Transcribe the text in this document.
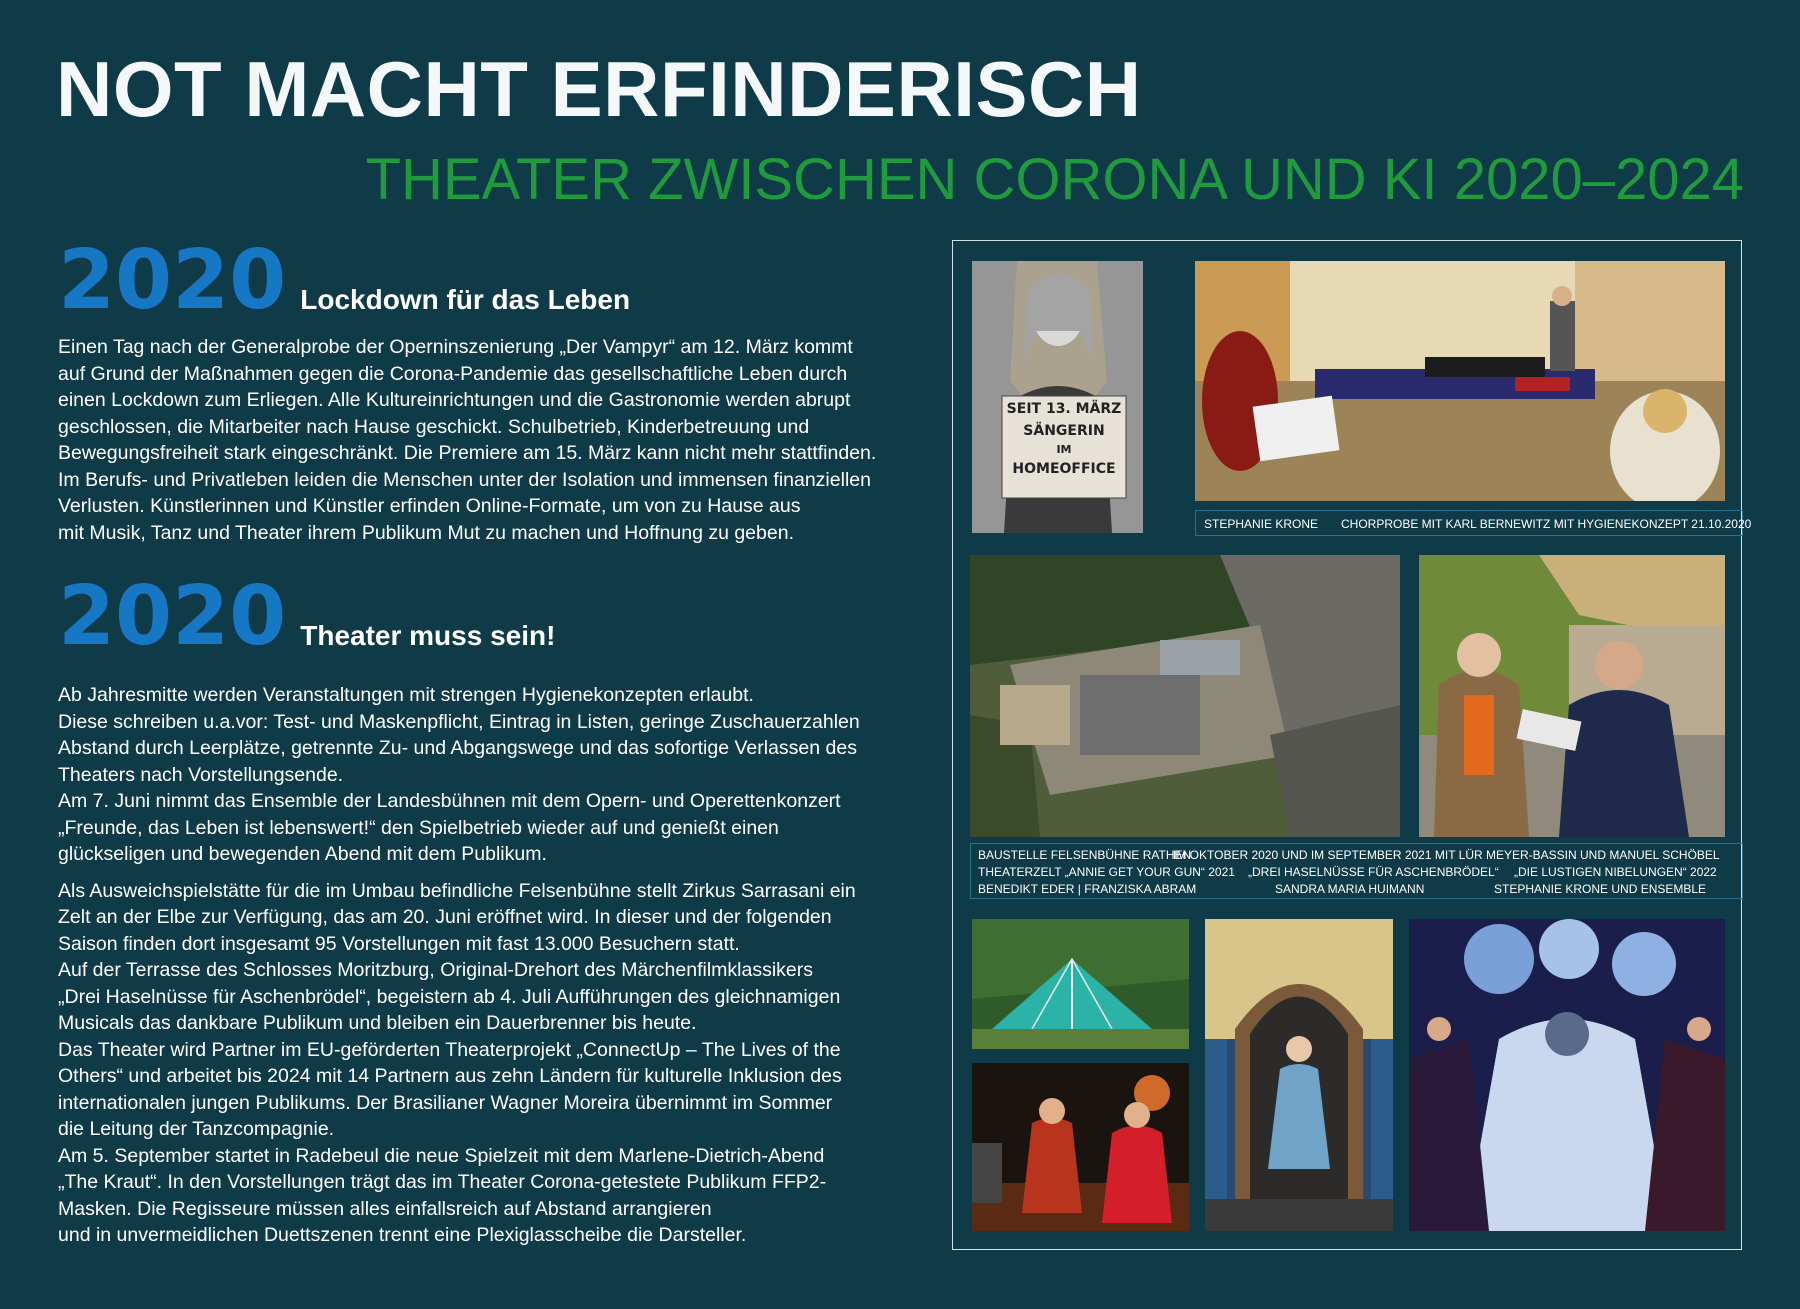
NOT MACHT ERFINDERISCH
THEATER ZWISCHEN CORONA UND KI 2020–2024
2020 Lockdown für das Leben

Einen Tag nach der Generalprobe der Operninszenierung „Der Vampyr“ am 12. März kommt
auf Grund der Maßnahmen gegen die Corona-Pandemie das gesellschaftliche Leben durch
einen Lockdown zum Erliegen. Alle Kultureinrichtungen und die Gastronomie werden abrupt
geschlossen, die Mitarbeiter nach Hause geschickt. Schulbetrieb, Kinderbetreuung und
Bewegungsfreiheit stark eingeschränkt. Die Premiere am 15. März kann nicht mehr stattfinden.
Im Berufs- und Privatleben leiden die Menschen unter der Isolation und immensen finanziellen
Verlusten. Künstlerinnen und Künstler erfinden Online-Formate, um von zu Hause aus
mit Musik, Tanz und Theater ihrem Publikum Mut zu machen und Hoffnung zu geben.

2020 Theater muss sein!

Ab Jahresmitte werden Veranstaltungen mit strengen Hygienekonzepten erlaubt.
Diese schreiben u.a.vor: Test- und Maskenpflicht, Eintrag in Listen, geringe Zuschauerzahlen
Abstand durch Leerplätze, getrennte Zu- und Abgangswege und das sofortige Verlassen des
Theaters nach Vorstellungsende.
Am 7. Juni nimmt das Ensemble der Landesbühnen mit dem Opern- und Operettenkonzert
„Freunde, das Leben ist lebenswert!“ den Spielbetrieb wieder auf und genießt einen
glückseligen und bewegenden Abend mit dem Publikum.

Als Ausweichspielstätte für die im Umbau befindliche Felsenbühne stellt Zirkus Sarrasani ein
Zelt an der Elbe zur Verfügung, das am 20. Juni eröffnet wird. In dieser und der folgenden
Saison finden dort insgesamt 95 Vorstellungen mit fast 13.000 Besuchern statt.
Auf der Terrasse des Schlosses Moritzburg, Original-Drehort des Märchenfilmklassikers
„Drei Haselnüsse für Aschenbrödel“, begeistern ab 4. Juli Aufführungen des gleichnamigen
Musicals das dankbare Publikum und bleiben ein Dauerbrenner bis heute.
Das Theater wird Partner im EU-geförderten Theaterprojekt „ConnectUp – The Lives of the
Others“ und arbeitet bis 2024 mit 14 Partnern aus zehn Ländern für kulturelle Inklusion des
internationalen jungen Publikums. Der Brasilianer Wagner Moreira übernimmt im Sommer
die Leitung der Tanzcompagnie.
Am 5. September startet in Radebeul die neue Spielzeit mit dem Marlene-Dietrich-Abend
„The Kraut“. In den Vorstellungen trägt das im Theater Corona-getestete Publikum FFP2-
Masken. Die Regisseure müssen alles einfallsreich auf Abstand arrangieren
und in unvermeidlichen Duettszenen trennt eine Plexiglasscheibe die Darsteller.

SEIT 13. MÄRZ
SÄNGERIN
IM
HOMEOFFICE
STEPHANIE KRONE CHORPROBE MIT KARL BERNEWITZ MIT HYGIENEKONZEPT 21.10.2020
BAUSTELLE FELSENBÜHNE RATHEN
IM OKTOBER 2020 UND IM SEPTEMBER 2021 MIT LÜR MEYER-BASSIN UND MANUEL SCHÖBEL
THEATERZELT „ANNIE GET YOUR GUN“ 2021 „DREI HASELNÜSSE FÜR ASCHENBRÖDEL“ „DIE LUSTIGEN NIBELUNGEN“ 2022
BENEDIKT EDER | FRANZISKA ABRAM	SANDRA MARIA HUIMANN	STEPHANIE KRONE UND ENSEMBLE
